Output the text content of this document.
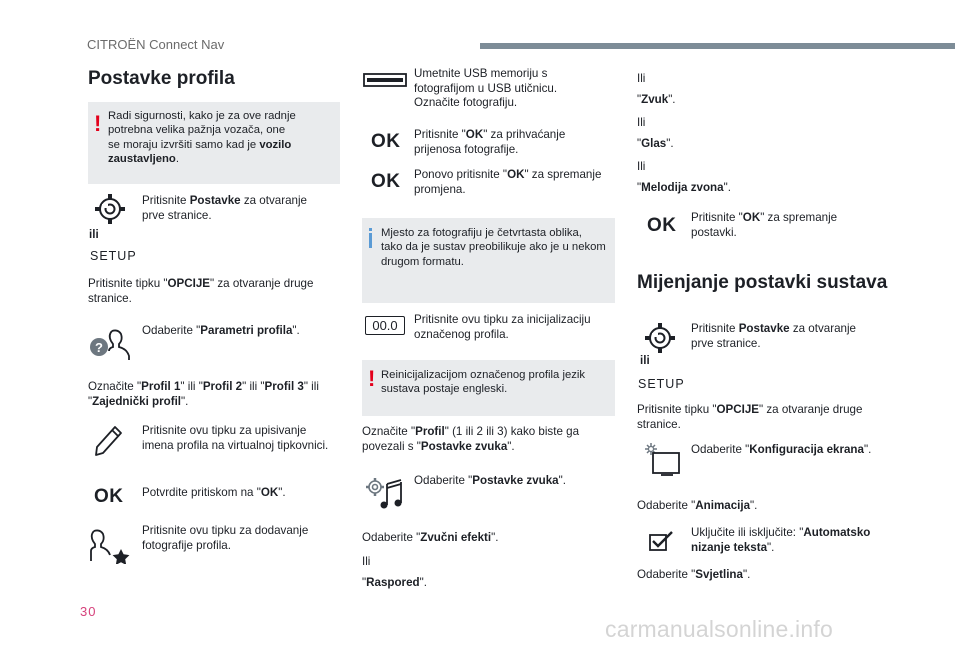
CITROËN Connect Nav
Postavke profila
! Radi sigurnosti, kako je za ove radnje
potrebna velika pažnja vozača, one
se moraju izvršiti samo kad je vozilo zaustavljeno.
ili
SETUP
Pritisnite Postavke za otvaranje prve stranice.
Pritisnite tipku "OPCIJE" za otvaranje druge stranice.
?
Odaberite "Parametri profila".
Označite "Profil 1" ili "Profil 2" ili "Profil 3" ili "Zajednički profil".
Pritisnite ovu tipku za upisivanje imena profila na virtualnoj tipkovnici.
OK Potvrdite pritiskom na "OK".
Pritisnite ovu tipku za dodavanje fotografije profila.
Umetnite USB memoriju s fotografijom u USB utičnicu. Označite fotografiju.
OK Pritisnite "OK" za prihvaćanje prijenosa fotografije.
OK Ponovo pritisnite "OK" za spremanje promjena.
Mjesto za fotografiju je četvrtasta oblika, tako da je sustav preobilikuje ako je u nekom drugom formatu.
00.0	Pritisnite ovu tipku za inicijalizaciju označenog profila.
! Reinicijalizacijom označenog profila jezik sustava postaje engleski.
Označite "Profil" (1 ili 2 ili 3) kako biste ga povezali s "Postavke zvuka".
Odaberite "Postavke zvuka".
Odaberite "Zvučni efekti".
Ili
"Raspored".
Ili
"Zvuk".
Ili
"Glas".
Ili
"Melodija zvona".
OK Pritisnite "OK" za spremanje postavki.
Mijenjanje postavki sustava
ili
SETUP
Pritisnite Postavke za otvaranje prve stranice.
Pritisnite tipku "OPCIJE" za otvaranje druge stranice.
Odaberite "Konfiguracija ekrana".
Odaberite "Animacija".
Uključite ili isključite: "Automatsko nizanje teksta".
Odaberite "Svjetlina".
30
carmanualsonline.info
